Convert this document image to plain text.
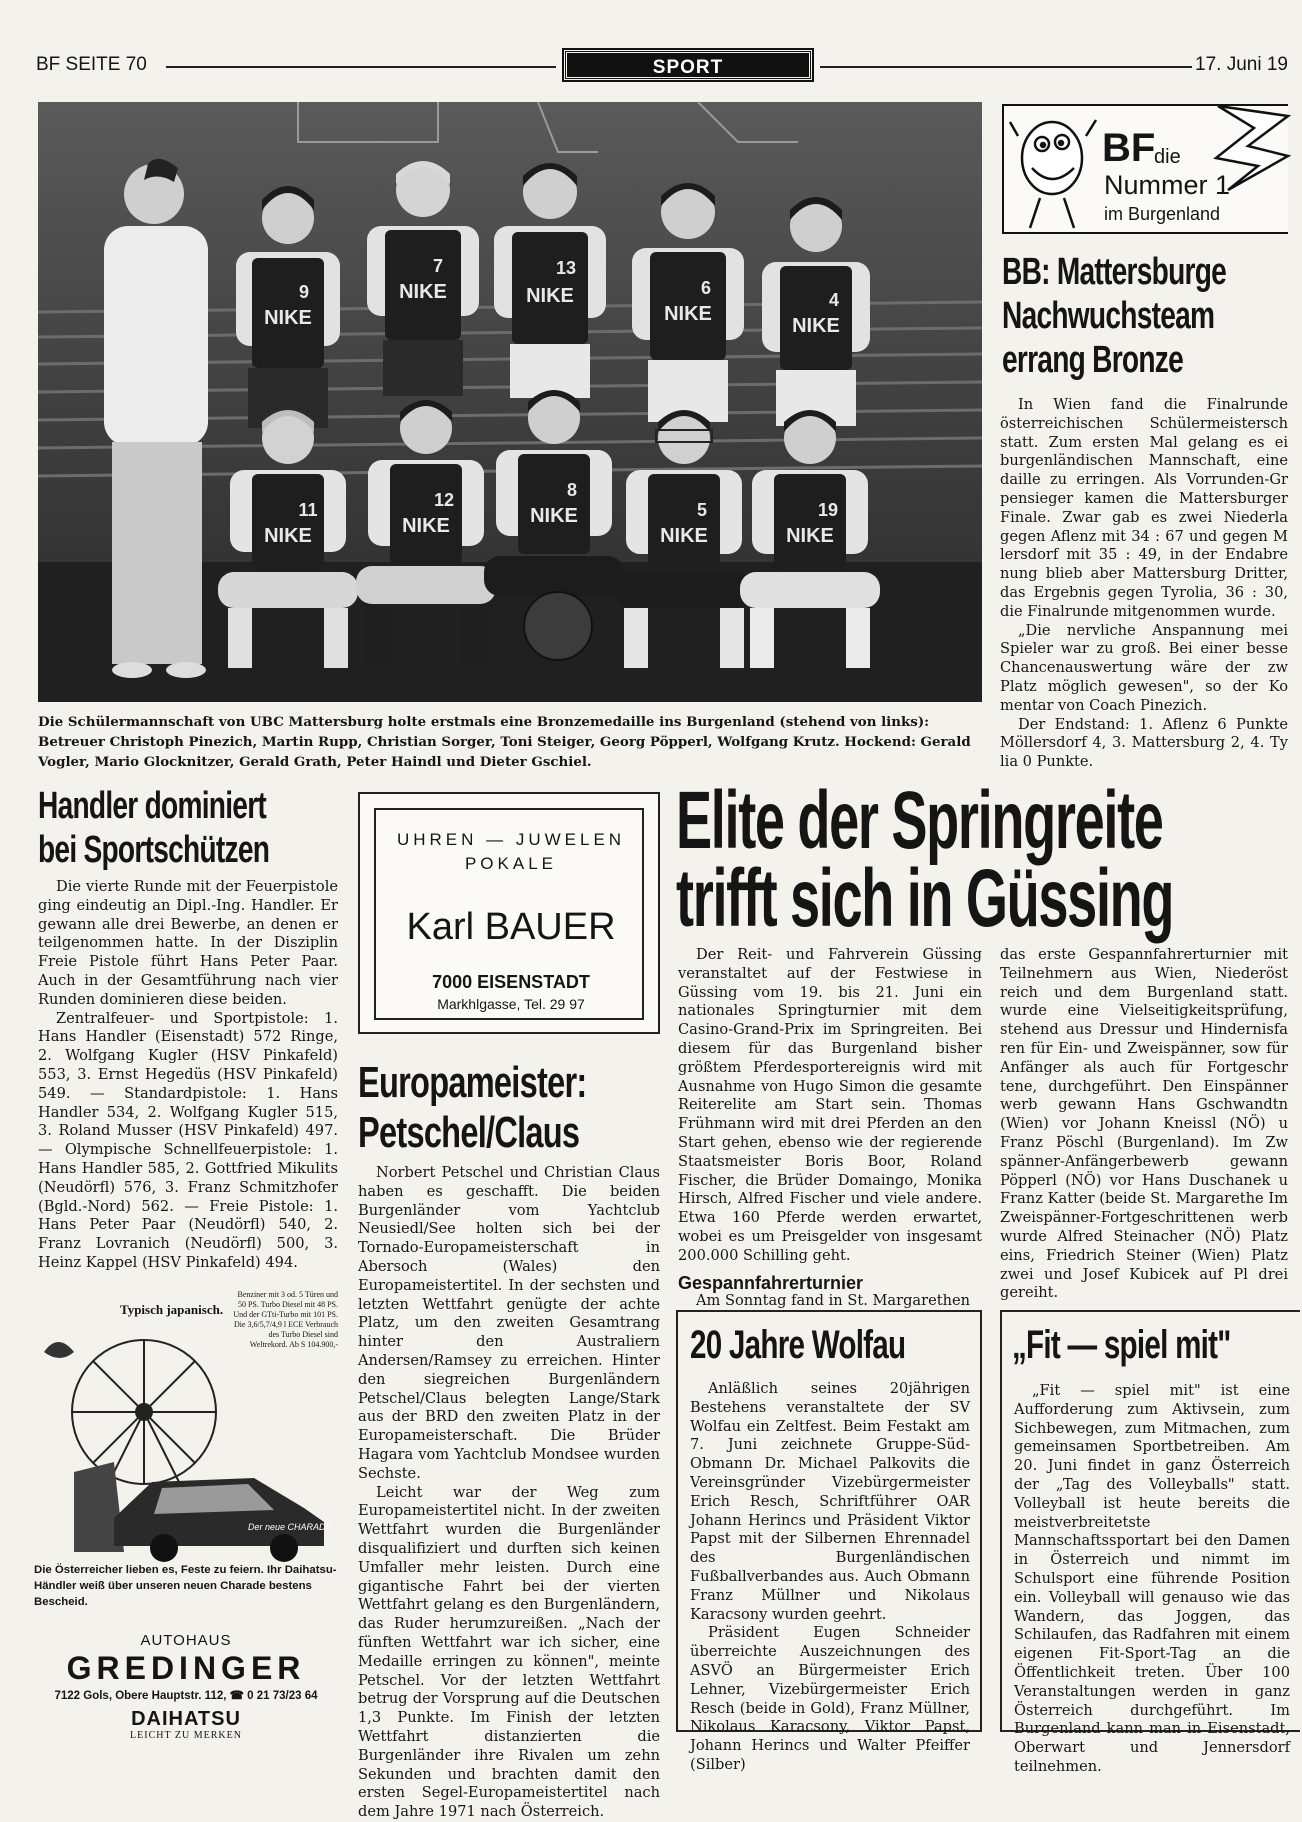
BF SEITE 70	SPORT	17. Juni 19
NIKE
NIKE	NIKE
NIKE
NIKE
NIKE	NIKE	NIKE
NIKE	NIKE
9
7	13
6
4
11	12	8
5	19
Die Schülermannschaft von UBC Mattersburg holte erstmals eine Bronzemedaille ins Burgenland (stehend von links): Betreuer Christoph Pinezich, Martin Rupp, Christian Sorger, Toni Steiger, Georg Pöpperl, Wolfgang Krutz. Hockend: Gerald Vogler, Mario Glocknitzer, Gerald Grath, Peter Haindl und Dieter Gschiel.
BF
die
Nummer 1
im Burgenland
BB: Mattersburge
Nachwuchsteam
errang Bronze

In Wien fand die Finalrunde österreichischen Schülermeistersch statt. Zum ersten Mal gelang es ei burgenländischen Mannschaft, eine daille zu erringen. Als Vorrunden-Gr pensieger kamen die Mattersburger Finale. Zwar gab es zwei Niederla gegen Aflenz mit 34 : 67 und gegen M lersdorf mit 35 : 49, in der Endabre nung blieb aber Mattersburg Dritter, das Ergebnis gegen Tyrolia, 36 : 30, die Finalrunde mitgenommen wurde.

„Die nervliche Anspannung mei Spieler war zu groß. Bei einer besse Chancenauswertung wäre der zw Platz möglich gewesen", so der Ko mentar von Coach Pinezich.

Der Endstand: 1. Aflenz 6 Punkte Möllersdorf 4, 3. Mattersburg 2, 4. Ty lia 0 Punkte.

Handler dominiert
bei Sportschützen

Die vierte Runde mit der Feuerpistole ging eindeutig an Dipl.-Ing. Handler. Er gewann alle drei Bewerbe, an denen er teilgenommen hatte. In der Disziplin Freie Pistole führt Hans Peter Paar. Auch in der Gesamtführung nach vier Runden dominieren diese beiden.

Zentralfeuer- und Sportpistole: 1. Hans Handler (Eisenstadt) 572 Ringe, 2. Wolfgang Kugler (HSV Pinkafeld) 553, 3. Ernst Hegedüs (HSV Pinkafeld) 549. — Standardpistole: 1. Hans Handler 534, 2. Wolfgang Kugler 515, 3. Roland Musser (HSV Pinkafeld) 497. — Olympische Schnellfeuerpistole: 1. Hans Handler 585, 2. Gottfried Mikulits (Neudörfl) 576, 3. Franz Schmitzhofer (Bgld.-Nord) 562. — Freie Pistole: 1. Hans Peter Paar (Neudörfl) 540, 2. Franz Lovranich (Neudörfl) 500, 3. Heinz Kappel (HSV Pinkafeld) 494.

Typisch japanisch.
Benziner mit 3 od. 5 Türen und 50 PS. Turbo Diesel mit 48 PS. Und der GTti-Turbo mit 101 PS. Die 3,6/5,7/4,9 l ECE Verbrauch des Turbo Diesel sind Weltrekord. Ab S 104.900,-
Der neue CHARADE
Die Österreicher lieben es, Feste zu feiern. Ihr Daihatsu-Händler weiß über unseren neuen Charade bestens Bescheid.
AUTOHAUS
GREDINGER
7122 Gols, Obere Hauptstr. 112, ☎ 0 21 73/23 64
DAIHATSU
LEICHT ZU MERKEN
UHREN — JUWELEN
POKALE
Karl BAUER
7000 EISENSTADT
Markhlgasse, Tel. 29 97
Europameister:
Petschel/Claus

Norbert Petschel und Christian Claus haben es geschafft. Die beiden Burgenländer vom Yachtclub Neusiedl/See holten sich bei der Tornado-Europameisterschaft in Abersoch (Wales) den Europameistertitel. In der sechsten und letzten Wettfahrt genügte der achte Platz, um den zweiten Gesamtrang hinter den Australiern Andersen/Ramsey zu erreichen. Hinter den siegreichen Burgenländern Petschel/Claus belegten Lange/Stark aus der BRD den zweiten Platz in der Europameisterschaft. Die Brüder Hagara vom Yachtclub Mondsee wurden Sechste.

Leicht war der Weg zum Europameistertitel nicht. In der zweiten Wettfahrt wurden die Burgenländer disqualifiziert und durften sich keinen Umfaller mehr leisten. Durch eine gigantische Fahrt bei der vierten Wettfahrt gelang es den Burgenländern, das Ruder herumzureißen. „Nach der fünften Wettfahrt war ich sicher, eine Medaille erringen zu können", meinte Petschel. Vor der letzten Wettfahrt betrug der Vorsprung auf die Deutschen 1,3 Punkte. Im Finish der letzten Wettfahrt distanzierten die Burgenländer ihre Rivalen um zehn Sekunden und brachten damit den ersten Segel-Europameistertitel nach dem Jahre 1971 nach Österreich.

Elite der Springreite
trifft sich in Güssing

Der Reit- und Fahrverein Güssing veranstaltet auf der Festwiese in Güssing vom 19. bis 21. Juni ein nationales Springturnier mit dem Casino-Grand-Prix im Springreiten. Bei diesem für das Burgenland bisher größtem Pferdesportereignis wird mit Ausnahme von Hugo Simon die gesamte Reiterelite am Start sein. Thomas Frühmann wird mit drei Pferden an den Start gehen, ebenso wie der regierende Staatsmeister Boris Boor, Roland Fischer, die Brüder Domaingo, Monika Hirsch, Alfred Fischer und viele andere. Etwa 160 Pferde werden erwartet, wobei es um Preisgelder von insgesamt 200.000 Schilling geht.

Gespannfahrerturnier

Am Sonntag fand in St. Margarethen

das erste Gespannfahrerturnier mit Teilnehmern aus Wien, Niederöst reich und dem Burgenland statt. wurde eine Vielseitigkeitsprüfung, stehend aus Dressur und Hindernisfa ren für Ein- und Zweispänner, sow für Anfänger als auch für Fortgeschr tene, durchgeführt. Den Einspänner werb gewann Hans Gschwandtn (Wien) vor Johann Kneissl (NÖ) u Franz Pöschl (Burgenland). Im Zw spänner-Anfängerbewerb gewann Pöpperl (NÖ) vor Hans Duschanek u Franz Katter (beide St. Margarethe Im Zweispänner-Fortgeschrittenen werb wurde Alfred Steinacher (NÖ) Platz eins, Friedrich Steiner (Wien) Platz zwei und Josef Kubicek auf Pl drei gereiht.

20 Jahre Wolfau

Anläßlich seines 20jährigen Bestehens veranstaltete der SV Wolfau ein Zeltfest. Beim Festakt am 7. Juni zeichnete Gruppe-Süd-Obmann Dr. Michael Palkovits die Vereinsgründer Vizebürgermeister Erich Resch, Schriftführer OAR Johann Herincs und Präsident Viktor Papst mit der Silbernen Ehrennadel des Burgenländischen Fußballverbandes aus. Auch Obmann Franz Müllner und Nikolaus Karacsony wurden geehrt.

Präsident Eugen Schneider überreichte Auszeichnungen des ASVÖ an Bürgermeister Erich Lehner, Vizebürgermeister Erich Resch (beide in Gold), Franz Müllner, Nikolaus Karacsony, Viktor Papst, Johann Herincs und Walter Pfeiffer (Silber)

„Fit — spiel mit"

„Fit — spiel mit" ist eine Aufforderung zum Aktivsein, zum Sichbewegen, zum Mitmachen, zum gemeinsamen Sportbetreiben. Am 20. Juni findet in ganz Österreich der „Tag des Volleyballs" statt. Volleyball ist heute bereits die meistverbreitetste Mannschaftssportart bei den Damen in Österreich und nimmt im Schulsport eine führende Position ein. Volleyball will genauso wie das Wandern, das Joggen, das Schilaufen, das Radfahren mit einem eigenen Fit-Sport-Tag an die Öffentlichkeit treten. Über 100 Veranstaltungen werden in ganz Österreich durchgeführt. Im Burgenland kann man in Eisenstadt, Oberwart und Jennersdorf teilnehmen.
